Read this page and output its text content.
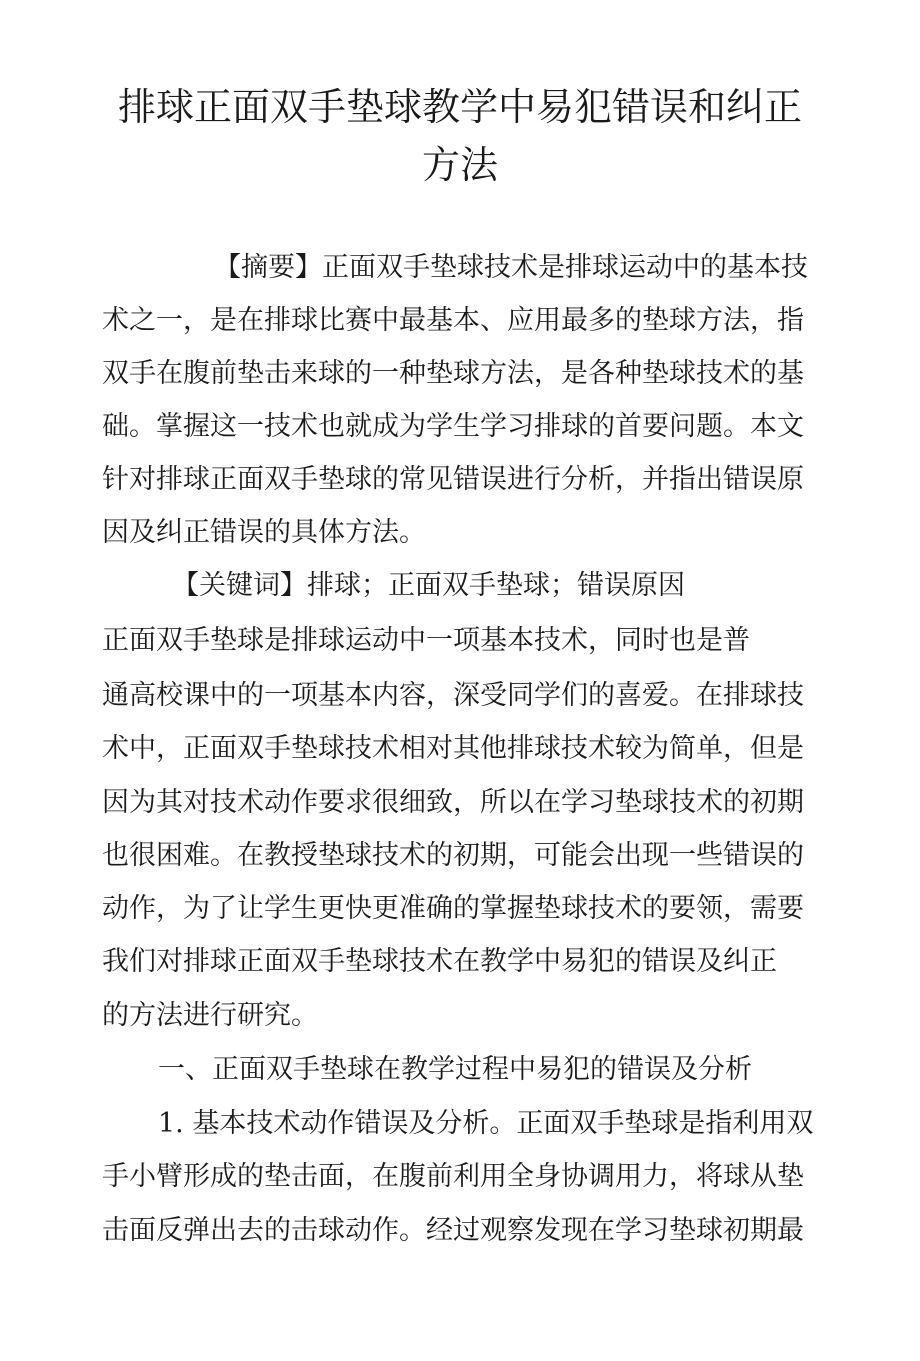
排球正面双手垫球教学中易犯错误和纠正
方法
【摘要】正面双手垫球技术是排球运动中的基本技
术之一，是在排球比赛中最基本、应用最多的垫球方法，指
双手在腹前垫击来球的一种垫球方法，是各种垫球技术的基
础。掌握这一技术也就成为学生学习排球的首要问题。本文
针对排球正面双手垫球的常见错误进行分析，并指出错误原
因及纠正错误的具体方法。
【关键词】排球；正面双手垫球；错误原因
正面双手垫球是排球运动中一项基本技术，同时也是普
通高校课中的一项基本内容，深受同学们的喜爱。在排球技
术中，正面双手垫球技术相对其他排球技术较为简单，但是
因为其对技术动作要求很细致，所以在学习垫球技术的初期
也很困难。在教授垫球技术的初期，可能会出现一些错误的
动作，为了让学生更快更准确的掌握垫球技术的要领，需要
我们对排球正面双手垫球技术在教学中易犯的错误及纠正
的方法进行研究。
一、正面双手垫球在教学过程中易犯的错误及分析
1. 基本技术动作错误及分析。正面双手垫球是指利用双
手小臂形成的垫击面，在腹前利用全身协调用力，将球从垫
击面反弹出去的击球动作。经过观察发现在学习垫球初期最
